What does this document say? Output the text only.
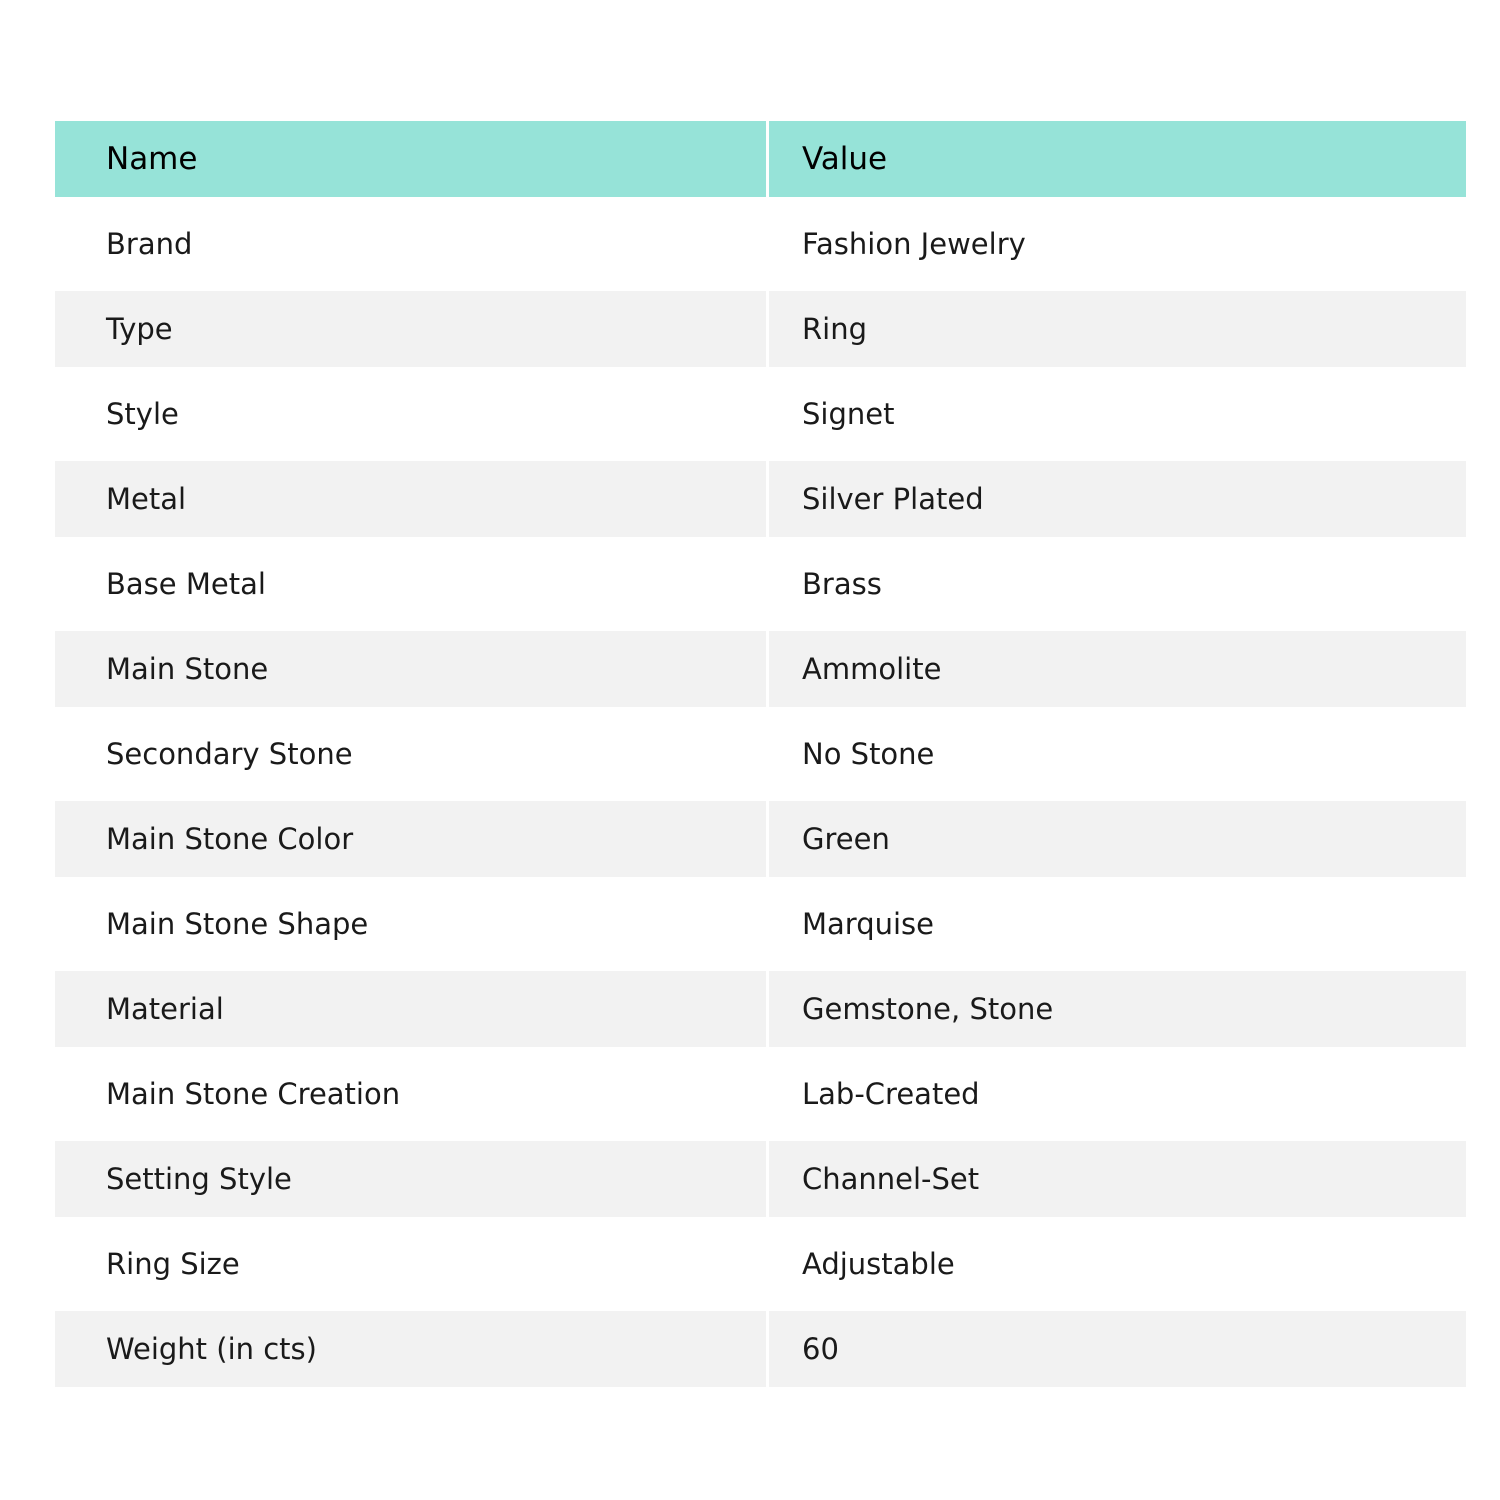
Name	Value
Brand	Fashion Jewelry
Type	Ring
Style	Signet
Metal	Silver Plated
Base Metal	Brass
Main Stone	Ammolite
Secondary Stone	No Stone
Main Stone Color	Green
Main Stone Shape	Marquise
Material	Gemstone, Stone
Main Stone Creation	Lab-Created
Setting Style	Channel-Set
Ring Size	Adjustable
Weight (in cts)	60
